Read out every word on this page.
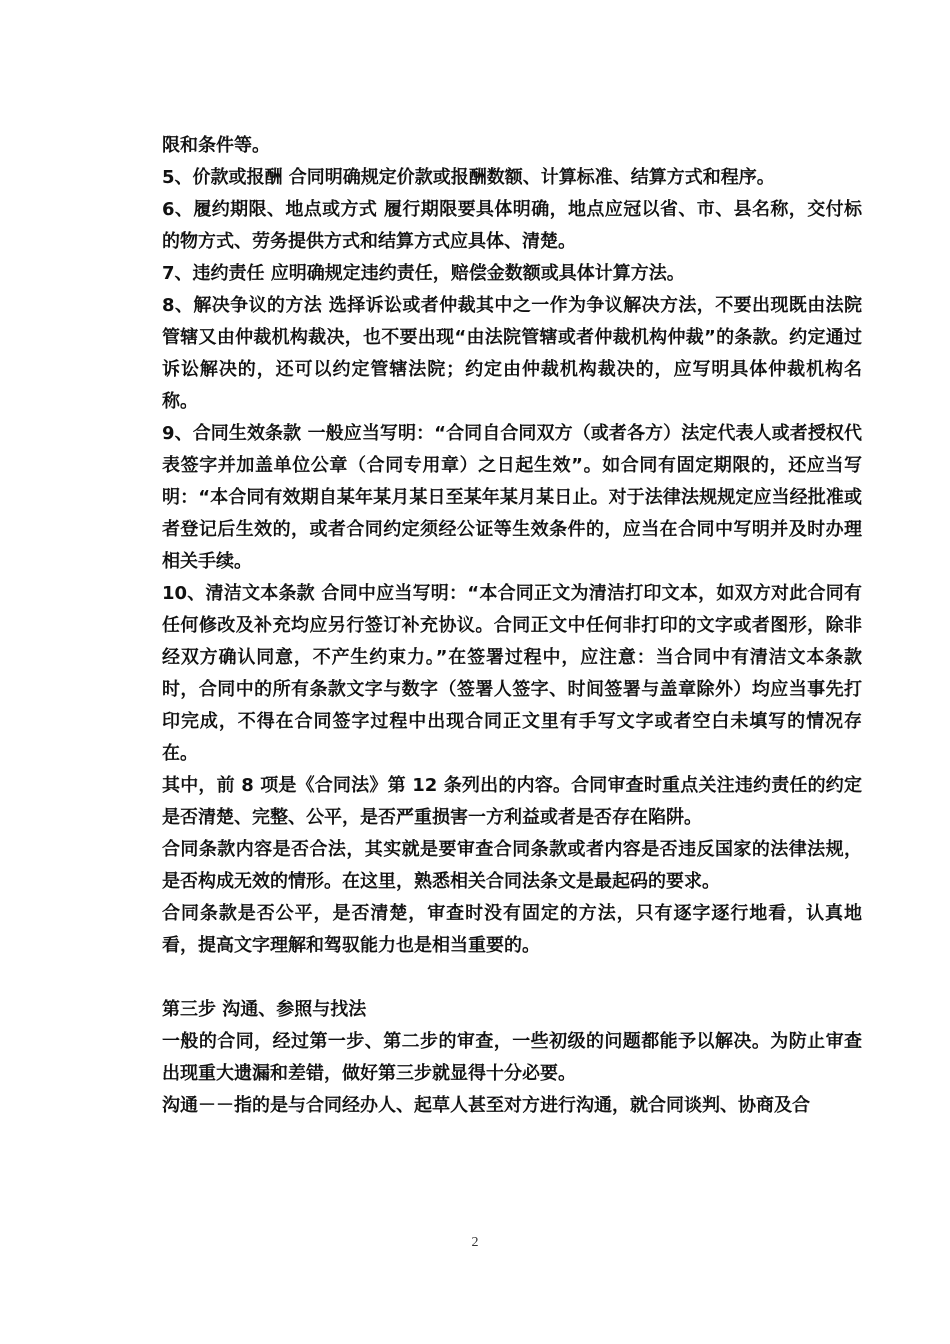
限和条件等。

5、价款或报酬 合同明确规定价款或报酬数额、计算标准、结算方式和程序。

6、履约期限、地点或方式 履行期限要具体明确，地点应冠以省、市、县名称，交付标的物方式、劳务提供方式和结算方式应具体、清楚。

7、违约责任 应明确规定违约责任，赔偿金数额或具体计算方法。

8、解决争议的方法 选择诉讼或者仲裁其中之一作为争议解决方法，不要出现既由法院管辖又由仲裁机构裁决，也不要出现“由法院管辖或者仲裁机构仲裁”的条款。约定通过诉讼解决的，还可以约定管辖法院；约定由仲裁机构裁决的，应写明具体仲裁机构名称。

9、合同生效条款 一般应当写明：“合同自合同双方（或者各方）法定代表人或者授权代表签字并加盖单位公章（合同专用章）之日起生效”。如合同有固定期限的，还应当写明：“本合同有效期自某年某月某日至某年某月某日止。对于法律法规规定应当经批准或者登记后生效的，或者合同约定须经公证等生效条件的，应当在合同中写明并及时办理相关手续。

10、清洁文本条款 合同中应当写明：“本合同正文为清洁打印文本，如双方对此合同有任何修改及补充均应另行签订补充协议。合同正文中任何非打印的文字或者图形，除非经双方确认同意，不产生约束力。”在签署过程中，应注意：当合同中有清洁文本条款时，合同中的所有条款文字与数字（签署人签字、时间签署与盖章除外）均应当事先打印完成，不得在合同签字过程中出现合同正文里有手写文字或者空白未填写的情况存在。

其中，前 8 项是《合同法》第 12 条列出的内容。合同审查时重点关注违约责任的约定是否清楚、完整、公平，是否严重损害一方利益或者是否存在陷阱。

合同条款内容是否合法，其实就是要审查合同条款或者内容是否违反国家的法律法规，是否构成无效的情形。在这里，熟悉相关合同法条文是最起码的要求。

合同条款是否公平，是否清楚，审查时没有固定的方法，只有逐字逐行地看，认真地看，提高文字理解和驾驭能力也是相当重要的。

第三步 沟通、参照与找法

一般的合同，经过第一步、第二步的审查，一些初级的问题都能予以解决。为防止审查出现重大遗漏和差错，做好第三步就显得十分必要。

沟通－－指的是与合同经办人、起草人甚至对方进行沟通，就合同谈判、协商及合

2
